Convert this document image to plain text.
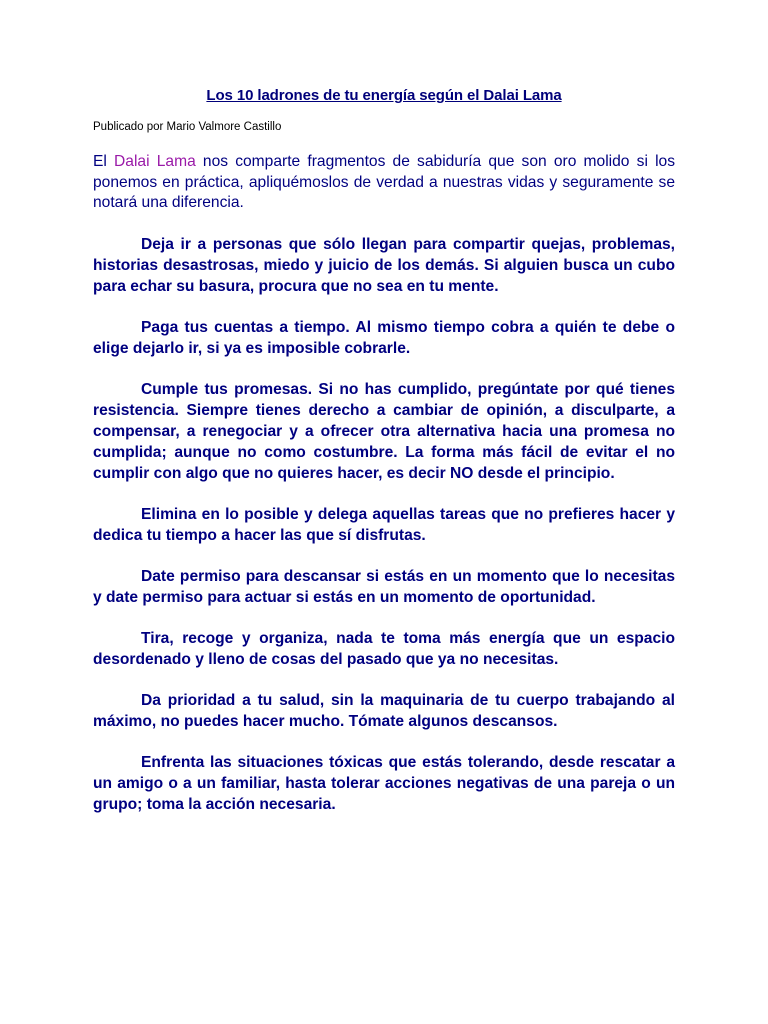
Los 10 ladrones de tu energía según el Dalai Lama

Publicado por Mario Valmore Castillo

El Dalai Lama nos comparte fragmentos de sabiduría que son oro molido si los ponemos en práctica, apliquémoslos de verdad a nuestras vidas y seguramente se notará una diferencia.

Deja ir a personas que sólo llegan para compartir quejas, problemas, historias desastrosas, miedo y juicio de los demás. Si alguien busca un cubo para echar su basura, procura que no sea en tu mente.

Paga tus cuentas a tiempo. Al mismo tiempo cobra a quién te debe o elige dejarlo ir, si ya es imposible cobrarle.

Cumple tus promesas. Si no has cumplido, pregúntate por qué tienes resistencia. Siempre tienes derecho a cambiar de opinión, a disculparte, a compensar, a renegociar y a ofrecer otra alternativa hacia una promesa no cumplida; aunque no como costumbre. La forma más fácil de evitar el no cumplir con algo que no quieres hacer, es decir NO desde el principio.

Elimina en lo posible y delega aquellas tareas que no prefieres hacer y dedica tu tiempo a hacer las que sí disfrutas.

Date permiso para descansar si estás en un momento que lo necesitas y date permiso para actuar si estás en un momento de oportunidad.

Tira, recoge y organiza, nada te toma más energía que un espacio desordenado y lleno de cosas del pasado que ya no necesitas.

Da prioridad a tu salud, sin la maquinaria de tu cuerpo trabajando al máximo, no puedes hacer mucho. Tómate algunos descansos.

Enfrenta las situaciones tóxicas que estás tolerando, desde rescatar a un amigo o a un familiar, hasta tolerar acciones negativas de una pareja o un grupo; toma la acción necesaria.
